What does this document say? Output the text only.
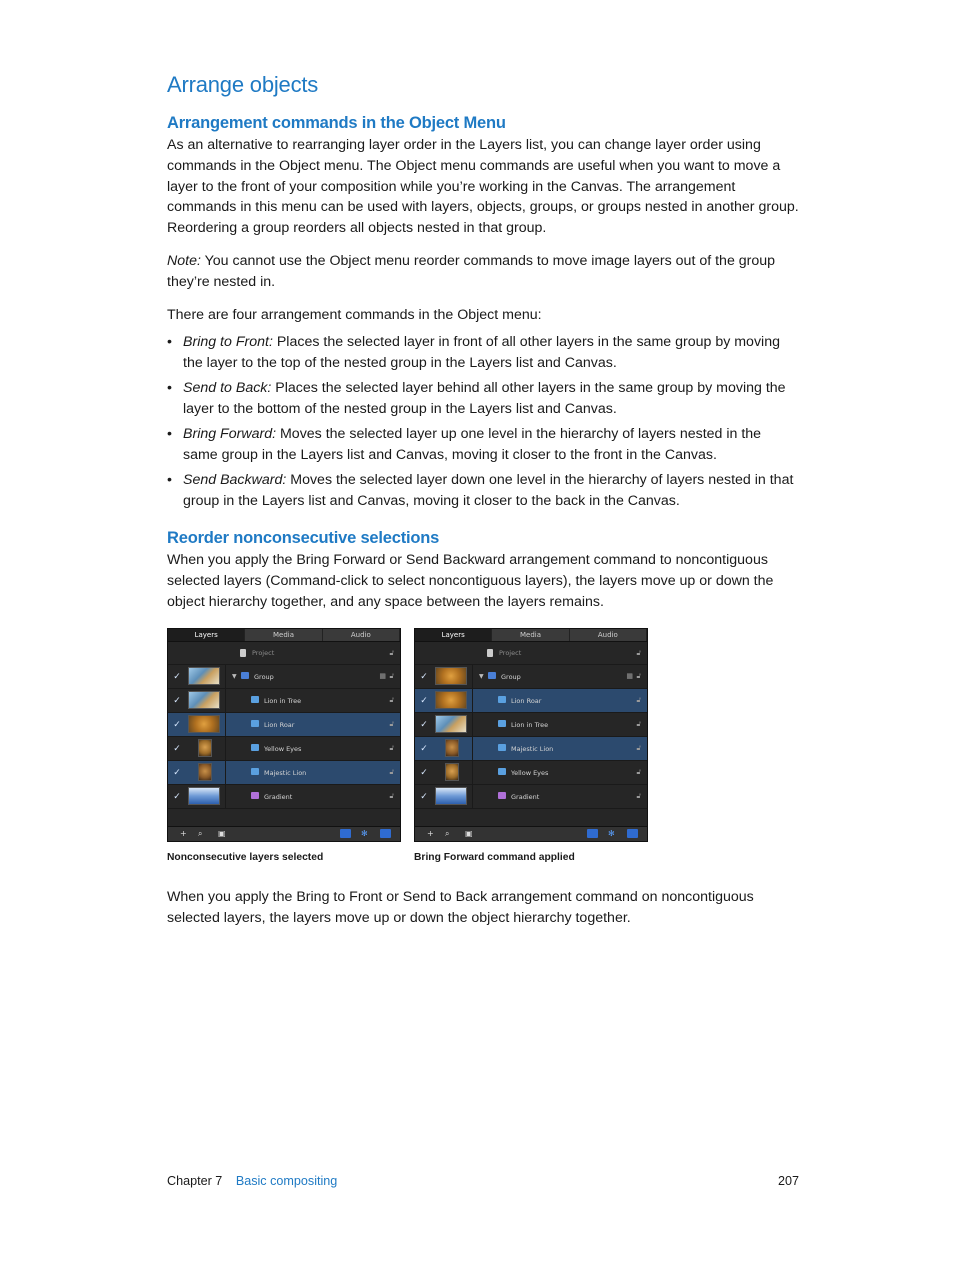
Arrange objects
Arrangement commands in the Object Menu

As an alternative to rearranging layer order in the Layers list, you can change layer order using commands in the Object menu. The Object menu commands are useful when you want to move a layer to the front of your composition while you’re working in the Canvas. The arrangement commands in this menu can be used with layers, objects, groups, or groups nested in another group. Reordering a group reorders all objects nested in that group.

Note: You cannot use the Object menu reorder commands to move image layers out of the group they’re nested in.

There are four arrangement commands in the Object menu:

• Bring to Front: Places the selected layer in front of all other layers in the same group by moving the layer to the top of the nested group in the Layers list and Canvas.
• Send to Back: Places the selected layer behind all other layers in the same group by moving the layer to the bottom of the nested group in the Layers list and Canvas.
• Bring Forward: Moves the selected layer up one level in the hierarchy of layers nested in the same group in the Layers list and Canvas, moving it closer to the front in the Canvas.
• Send Backward: Moves the selected layer down one level in the hierarchy of layers nested in that group in the Layers list and Canvas, moving it closer to the back in the Canvas.
Reorder nonconsecutive selections

When you apply the Bring Forward or Send Backward arrangement command to noncontiguous selected layers (Command-click to select noncontiguous layers), the layers move up or down the object hierarchy together, and any space between the layers remains.

When you apply the Bring to Front or Send to Back arrangement command on noncontiguous selected layers, the layers move up or down the object hierarchy together.

Layers	Media	Audio
Project	🔓︎
✓	▼	Group	▦ 🔓︎
✓	Lion in Tree	🔓︎
✓	Lion Roar	🔓︎
✓	Yellow Eyes	🔓︎
✓	Majestic Lion	🔓︎
✓	Gradient	🔓︎
+ ⌕ ▣	✻
Nonconsecutive layers selected
Layers	Media	Audio
Project	🔓︎
✓	▼	Group	▦ 🔓︎
✓	Lion Roar	🔓︎
✓	Lion in Tree	🔓︎
✓	Majestic Lion	🔓︎
✓	Yellow Eyes	🔓︎
✓	Gradient	🔓︎
+ ⌕ ▣	✻
Bring Forward command applied
Chapter 7 Basic compositing	207
